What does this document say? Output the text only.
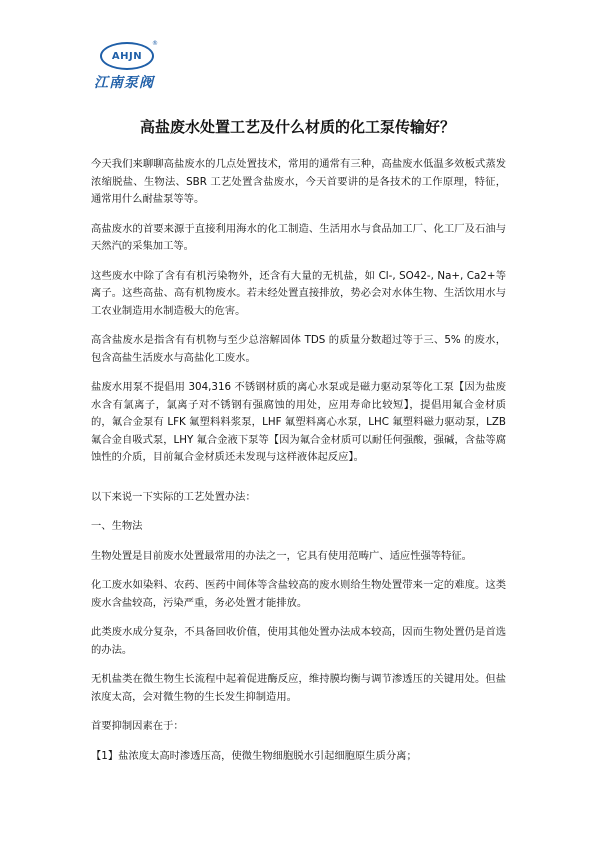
AHJN
®
江南泵阀
高盐废水处置工艺及什么材质的化工泵传输好？

今天我们来聊聊高盐废水的几点处置技术，常用的通常有三种，高盐废水低温多效板式蒸发浓缩脱盐、生物法、SBR 工艺处置含盐废水，今天首要讲的是各技术的工作原理，特征，通常用什么耐盐泵等等。

高盐废水的首要来源于直接利用海水的化工制造、生活用水与食品加工厂、化工厂及石油与天然汽的采集加工等。

这些废水中除了含有有机污染物外，还含有大量的无机盐，如 Cl-, SO42-, Na+, Ca2+等离子。这些高盐、高有机物废水。若未经处置直接排放，势必会对水体生物、生活饮用水与工农业制造用水制造极大的危害。

高含盐废水是指含有有机物与至少总溶解固体 TDS 的质量分数超过等于三、5% 的废水，包含高盐生活废水与高盐化工废水。

盐废水用泵不提倡用 304,316 不锈钢材质的离心水泵或是磁力驱动泵等化工泵【因为盐废水含有氯离子，氯离子对不锈钢有强腐蚀的用处，应用寿命比较短】，提倡用氟合金材质的，氟合金泵有 LFK 氟塑料料浆泵，LHF 氟塑料离心水泵，LHC 氟塑料磁力驱动泵，LZB 氟合金自吸式泵，LHY 氟合金液下泵等【因为氟合金材质可以耐任何强酸，强碱，含盐等腐蚀性的介质，目前氟合金材质还未发现与这样液体起反应】。

以下来说一下实际的工艺处置办法：

一、生物法

生物处置是目前废水处置最常用的办法之一，它具有使用范畴广、适应性强等特征。

化工废水如染料、农药、医药中间体等含盐较高的废水则给生物处置带来一定的难度。这类废水含盐较高，污染严重，务必处置才能排放。

此类废水成分复杂，不具备回收价值，使用其他处置办法成本较高，因而生物处置仍是首选的办法。

无机盐类在微生物生长流程中起着促进酶反应，维持膜均衡与调节渗透压的关键用处。但盐浓度太高，会对微生物的生长发生抑制造用。

首要抑制因素在于：

【1】盐浓度太高时渗透压高，使微生物细胞脱水引起细胞原生质分离；
